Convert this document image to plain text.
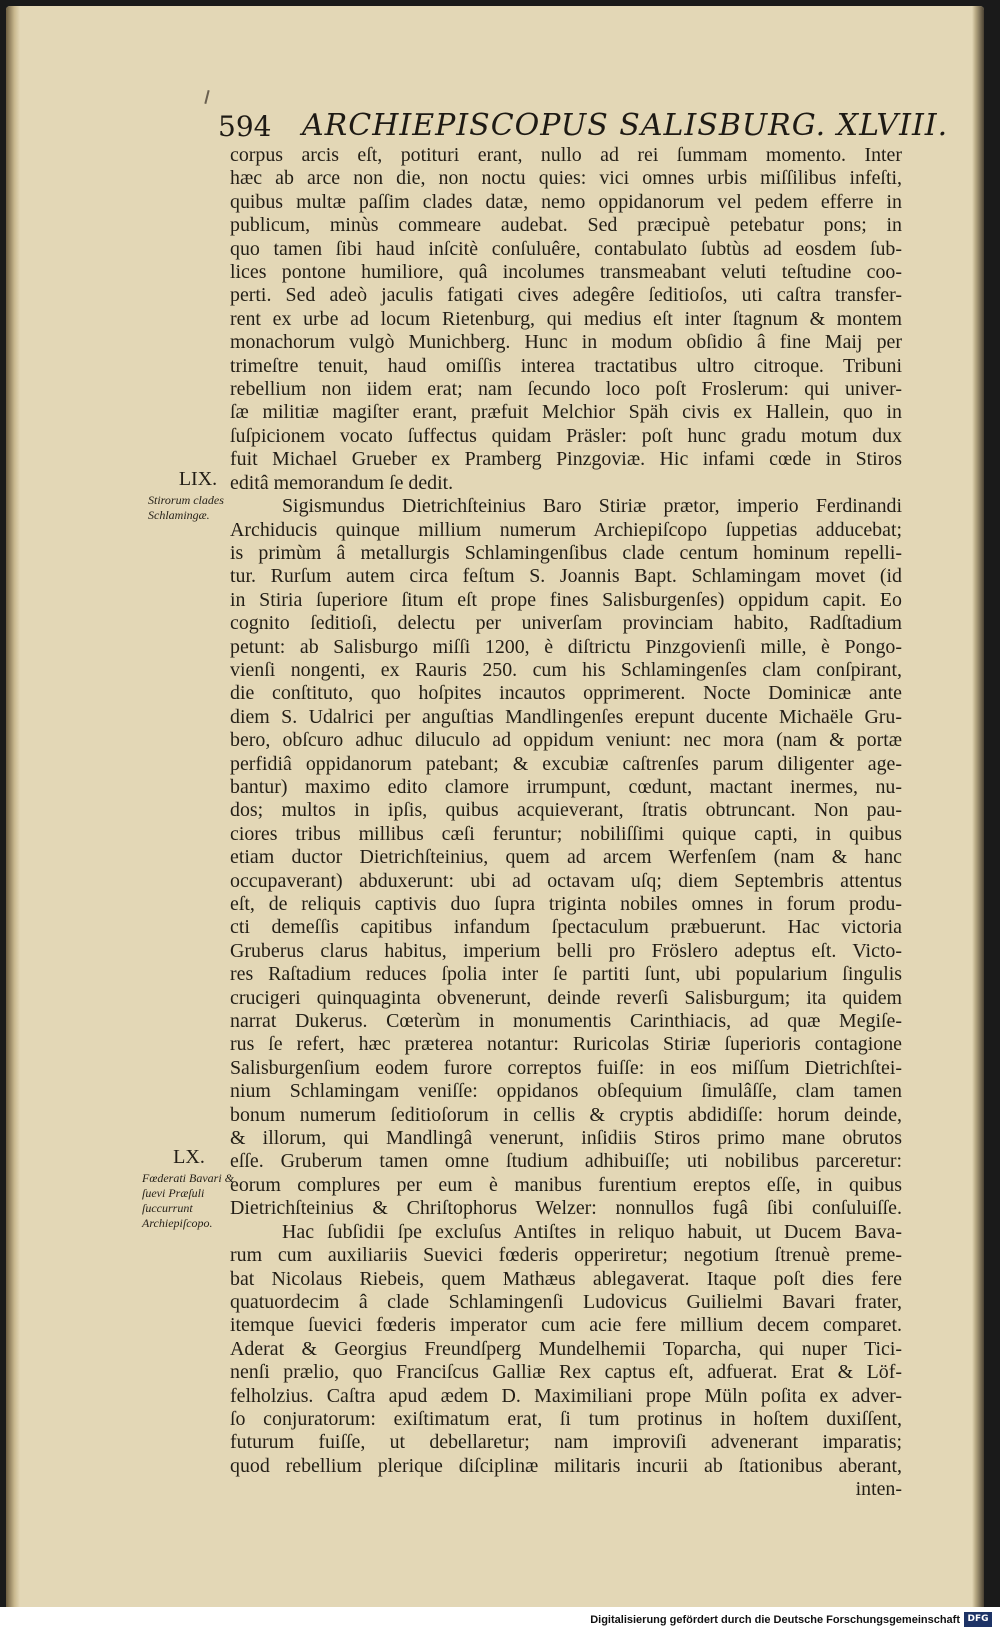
594 ARCHIEPISCOPUS SALISBURG. XLVIII.

corpus arcis eſt, potituri erant, nullo ad rei ſummam momento. Inter

hæc ab arce non die, non noctu quies: vici omnes urbis miſſilibus infeſti,

quibus multæ paſſim clades datæ, nemo oppidanorum vel pedem efferre in

publicum, minùs commeare audebat. Sed præcipuè petebatur pons; in

quo tamen ſibi haud inſcitè conſuluêre, contabulato ſubtùs ad eosdem ſub-

lices pontone humiliore, quâ incolumes transmeabant veluti teſtudine coo-

perti. Sed adeò jaculis fatigati cives adegêre ſeditioſos, uti caſtra transfer-

rent ex urbe ad locum Rietenburg, qui medius eſt inter ſtagnum & montem

monachorum vulgò Munichberg. Hunc in modum obſidio â fine Maij per

trimeſtre tenuit, haud omiſſis interea tractatibus ultro citroque. Tribuni

rebellium non iidem erat; nam ſecundo loco poſt Froslerum: qui univer-

ſæ militiæ magiſter erant, præfuit Melchior Späh civis ex Hallein, quo in

ſuſpicionem vocato ſuffectus quidam Präsler: poſt hunc gradu motum dux

fuit Michael Grueber ex Pramberg Pinzgoviæ. Hic infami cœde in Stiros

editâ memorandum ſe dedit.

Sigismundus Dietrichſteinius Baro Stiriæ prætor, imperio Ferdinandi

Archiducis quinque millium numerum Archiepiſcopo ſuppetias adducebat;

is primùm â metallurgis Schlamingenſibus clade centum hominum repelli-

tur. Rurſum autem circa feſtum S. Joannis Bapt. Schlamingam movet (id

in Stiria ſuperiore ſitum eſt prope fines Salisburgenſes) oppidum capit. Eo

cognito ſeditioſi, delectu per univerſam provinciam habito, Radſtadium

petunt: ab Salisburgo miſſi 1200, è diſtrictu Pinzgovienſi mille, è Pongo-

vienſi nongenti, ex Rauris 250. cum his Schlamingenſes clam conſpirant,

die conſtituto, quo hoſpites incautos opprimerent. Nocte Dominicæ ante

diem S. Udalrici per anguſtias Mandlingenſes erepunt ducente Michaële Gru-

bero, obſcuro adhuc diluculo ad oppidum veniunt: nec mora (nam & portæ

perfidiâ oppidanorum patebant; & excubiæ caſtrenſes parum diligenter age-

bantur) maximo edito clamore irrumpunt, cœdunt, mactant inermes, nu-

dos; multos in ipſis, quibus acquieverant, ſtratis obtruncant. Non pau-

ciores tribus millibus cæſi feruntur; nobiliſſimi quique capti, in quibus

etiam ductor Dietrichſteinius, quem ad arcem Werfenſem (nam & hanc

occupaverant) abduxerunt: ubi ad octavam uſq; diem Septembris attentus

eſt, de reliquis captivis duo ſupra triginta nobiles omnes in forum produ-

cti demeſſis capitibus infandum ſpectaculum præbuerunt. Hac victoria

Gruberus clarus habitus, imperium belli pro Fröslero adeptus eſt. Victo-

res Raſtadium reduces ſpolia inter ſe partiti ſunt, ubi popularium ſingulis

crucigeri quinquaginta obvenerunt, deinde reverſi Salisburgum; ita quidem

narrat Dukerus. Cœterùm in monumentis Carinthiacis, ad quæ Megiſe-

rus ſe refert, hæc præterea notantur: Ruricolas Stiriæ ſuperioris contagione

Salisburgenſium eodem furore correptos fuiſſe: in eos miſſum Dietrichſtei-

nium Schlamingam veniſſe: oppidanos obſequium ſimulâſſe, clam tamen

bonum numerum ſeditioſorum in cellis & cryptis abdidiſſe: horum deinde,

& illorum, qui Mandlingâ venerunt, inſidiis Stiros primo mane obrutos

eſſe. Gruberum tamen omne ſtudium adhibuiſſe; uti nobilibus parceretur:

eorum complures per eum è manibus furentium ereptos eſſe, in quibus

Dietrichſteinius & Chriſtophorus Welzer: nonnullos fugâ ſibi conſuluiſſe.

Hac ſubſidii ſpe excluſus Antiſtes in reliquo habuit, ut Ducem Bava-

rum cum auxiliariis Suevici fœderis opperiretur; negotium ſtrenuè preme-

bat Nicolaus Riebeis, quem Mathæus ablegaverat. Itaque poſt dies fere

quatuordecim â clade Schlamingenſi Ludovicus Guilielmi Bavari frater,

itemque ſuevici fœderis imperator cum acie fere millium decem comparet.

Aderat & Georgius Freundſperg Mundelhemii Toparcha, qui nuper Tici-

nenſi prælio, quo Franciſcus Galliæ Rex captus eſt, adfuerat. Erat & Löf-

felholzius. Caſtra apud ædem D. Maximiliani prope Müln poſita ex adver-

ſo conjuratorum: exiſtimatum erat, ſi tum protinus in hoſtem duxiſſent,

futurum fuiſſe, ut debellaretur; nam improviſi advenerant imparatis;

quod rebellium plerique diſciplinæ militaris incurii ab ſtationibus aberant,

inten-

LIX.
Stirorum clades Schlamingæ.
LX.
Fœderati Bavari & ſuevi Præſuli ſuccurrunt Archiepiſcopo.
Digitalisierung gefördert durch die Deutsche Forschungsgemeinschaft DFG
